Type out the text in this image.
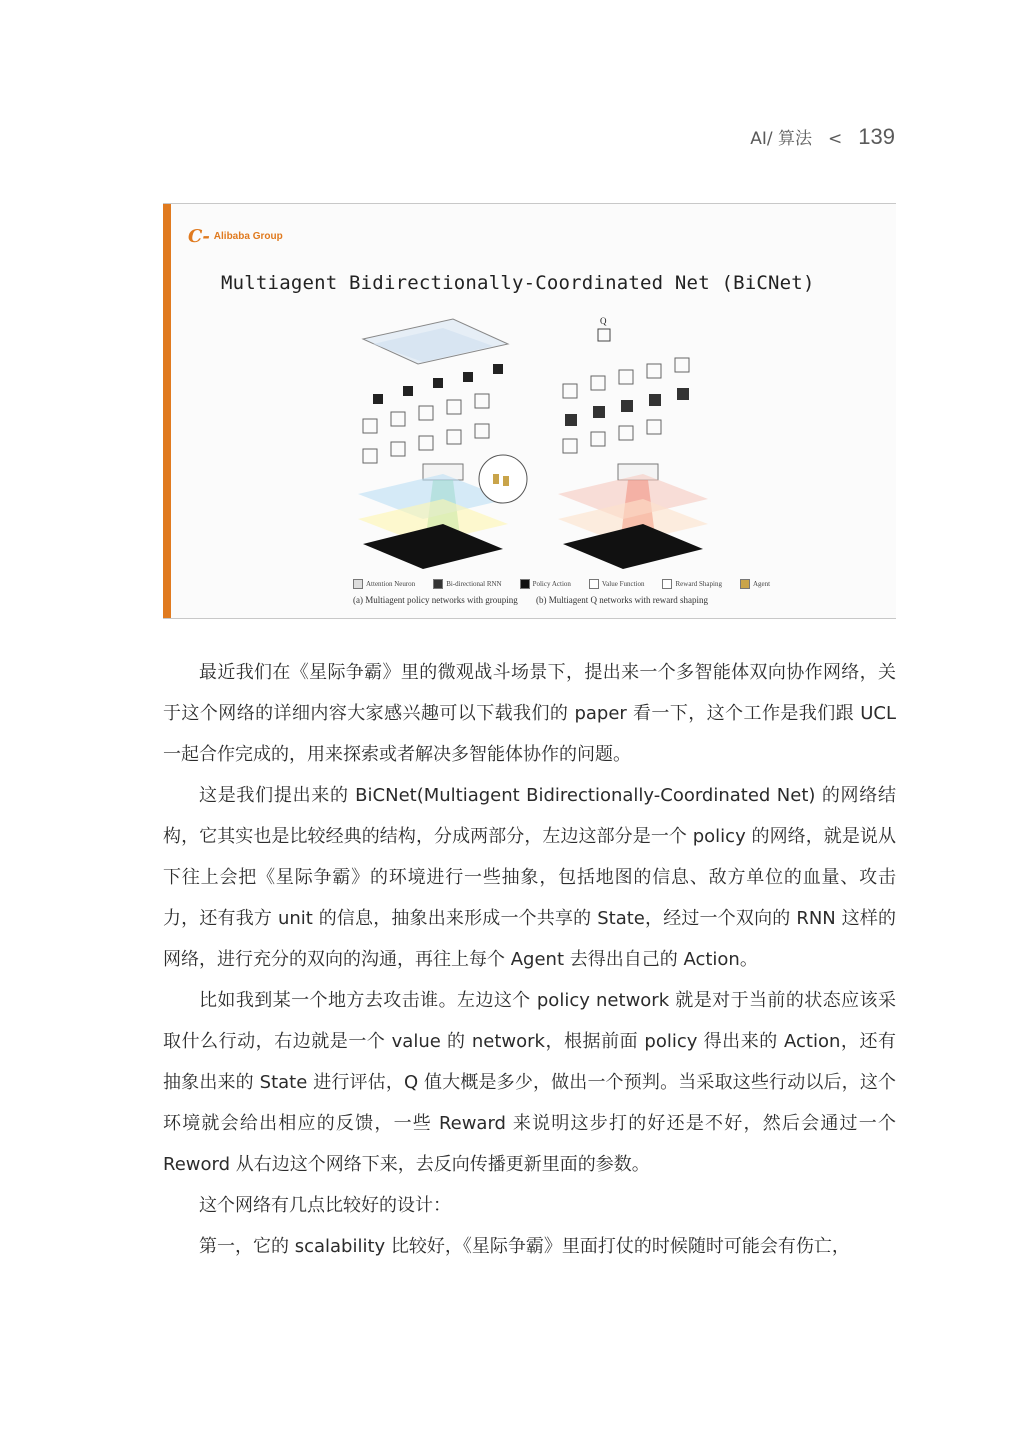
AI/ 算法 < 139
C- Alibaba Group
Multiagent Bidirectionally-Coordinated Net (BiCNet)
Q
Attention Neuron	Bi-directional RNN	Policy Action	Value Function	Reward Shaping	Agent
(a) Multiagent policy networks with grouping (b) Multiagent Q networks with reward shaping

最近我们在《星际争霸》里的微观战斗场景下，提出来一个多智能体双向协作网络，关于这个网络的详细内容大家感兴趣可以下载我们的 paper 看一下，这个工作是我们跟 UCL 一起合作完成的，用来探索或者解决多智能体协作的问题。

这是我们提出来的 BiCNet(Multiagent Bidirectionally-Coordinated Net) 的网络结构，它其实也是比较经典的结构，分成两部分，左边这部分是一个 policy 的网络，就是说从下往上会把《星际争霸》的环境进行一些抽象，包括地图的信息、敌方单位的血量、攻击力，还有我方 unit 的信息，抽象出来形成一个共享的 State，经过一个双向的 RNN 这样的网络，进行充分的双向的沟通，再往上每个 Agent 去得出自己的 Action。

比如我到某一个地方去攻击谁。左边这个 policy network 就是对于当前的状态应该采取什么行动，右边就是一个 value 的 network，根据前面 policy 得出来的 Action，还有抽象出来的 State 进行评估，Q 值大概是多少，做出一个预判。当采取这些行动以后，这个环境就会给出相应的反馈，一些 Reward 来说明这步打的好还是不好，然后会通过一个 Reword 从右边这个网络下来，去反向传播更新里面的参数。

这个网络有几点比较好的设计：

第一，它的 scalability 比较好，《星际争霸》里面打仗的时候随时可能会有伤亡，
